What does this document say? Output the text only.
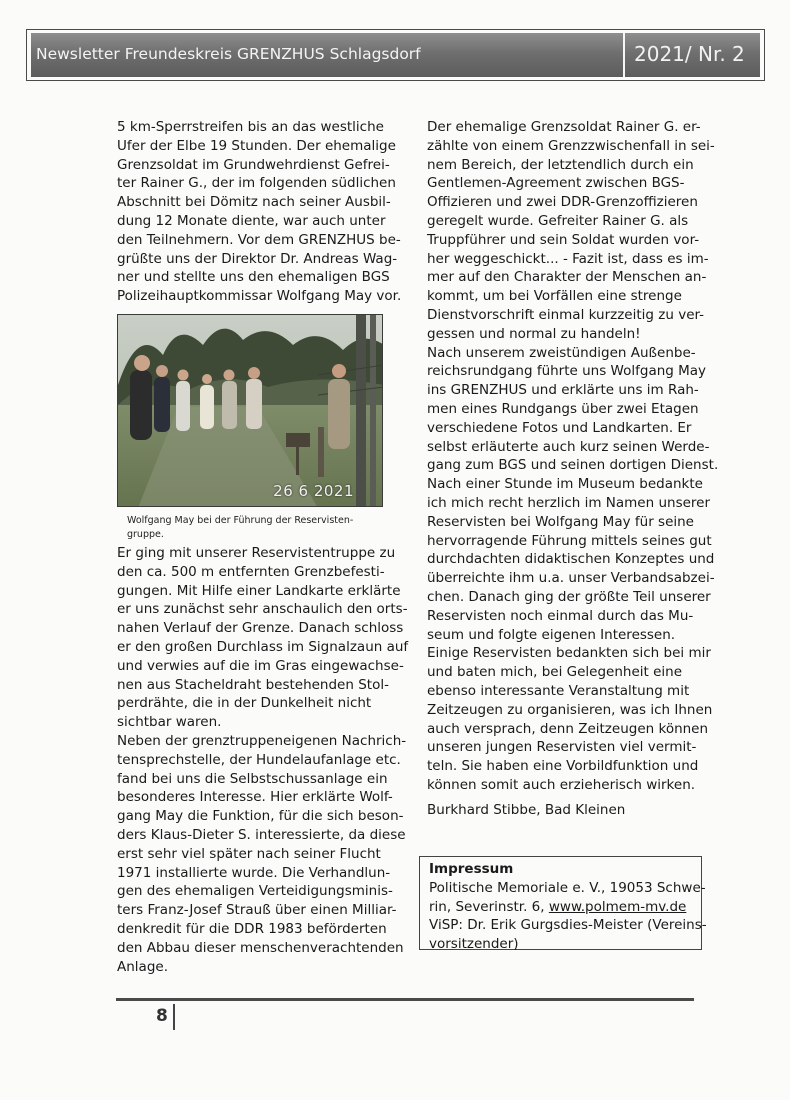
Newsletter Freundeskreis GRENZHUS Schlagsdorf	2021/ Nr. 2
5 km-Sperrstreifen bis an das westliche
Ufer der Elbe 19 Stunden. Der ehemalige
Grenzsoldat im Grundwehrdienst Gefrei-
ter Rainer G., der im folgenden südlichen
Abschnitt bei Dömitz nach seiner Ausbil-
dung 12 Monate diente, war auch unter
den Teilnehmern. Vor dem GRENZHUS be-
grüßte uns der Direktor Dr. Andreas Wag-
ner und stellte uns den ehemaligen BGS
Polizeihauptkommissar Wolfgang May vor.
26 6 2021
Wolfgang May bei der Führung der Reservisten-
gruppe.
Er ging mit unserer Reservistentruppe zu
den ca. 500 m entfernten Grenzbefesti-
gungen. Mit Hilfe einer Landkarte erklärte
er uns zunächst sehr anschaulich den orts-
nahen Verlauf der Grenze. Danach schloss
er den großen Durchlass im Signalzaun auf
und verwies auf die im Gras eingewachse-
nen aus Stacheldraht bestehenden Stol-
perdrähte, die in der Dunkelheit nicht
sichtbar waren.
Neben der grenztruppeneigenen Nachrich-
tensprechstelle, der Hundelaufanlage etc.
fand bei uns die Selbstschussanlage ein
besonderes Interesse. Hier erklärte Wolf-
gang May die Funktion, für die sich beson-
ders Klaus-Dieter S. interessierte, da diese
erst sehr viel später nach seiner Flucht
1971 installierte wurde. Die Verhandlun-
gen des ehemaligen Verteidigungsminis-
ters Franz-Josef Strauß über einen Milliar-
denkredit für die DDR 1983 beförderten
den Abbau dieser menschenverachtenden
Anlage.
Der ehemalige Grenzsoldat Rainer G. er-
zählte von einem Grenzzwischenfall in sei-
nem Bereich, der letztendlich durch ein
Gentlemen-Agreement zwischen BGS-
Offizieren und zwei DDR-Grenzoffizieren
geregelt wurde. Gefreiter Rainer G. als
Truppführer und sein Soldat wurden vor-
her weggeschickt... - Fazit ist, dass es im-
mer auf den Charakter der Menschen an-
kommt, um bei Vorfällen eine strenge
Dienstvorschrift einmal kurzzeitig zu ver-
gessen und normal zu handeln!
Nach unserem zweistündigen Außenbe-
reichsrundgang führte uns Wolfgang May
ins GRENZHUS und erklärte uns im Rah-
men eines Rundgangs über zwei Etagen
verschiedene Fotos und Landkarten. Er
selbst erläuterte auch kurz seinen Werde-
gang zum BGS und seinen dortigen Dienst.
Nach einer Stunde im Museum bedankte
ich mich recht herzlich im Namen unserer
Reservisten bei Wolfgang May für seine
hervorragende Führung mittels seines gut
durchdachten didaktischen Konzeptes und
überreichte ihm u.a. unser Verbandsabzei-
chen. Danach ging der größte Teil unserer
Reservisten noch einmal durch das Mu-
seum und folgte eigenen Interessen.
Einige Reservisten bedankten sich bei mir
und baten mich, bei Gelegenheit eine
ebenso interessante Veranstaltung mit
Zeitzeugen zu organisieren, was ich Ihnen
auch versprach, denn Zeitzeugen können
unseren jungen Reservisten viel vermit-
teln. Sie haben eine Vorbildfunktion und
können somit auch erzieherisch wirken.
Burkhard Stibbe, Bad Kleinen
Impressum
Politische Memoriale e. V., 19053 Schwe-
rin, Severinstr. 6, www.polmem-mv.de
ViSP: Dr. Erik Gurgsdies-Meister (Vereins-
vorsitzender)
8
